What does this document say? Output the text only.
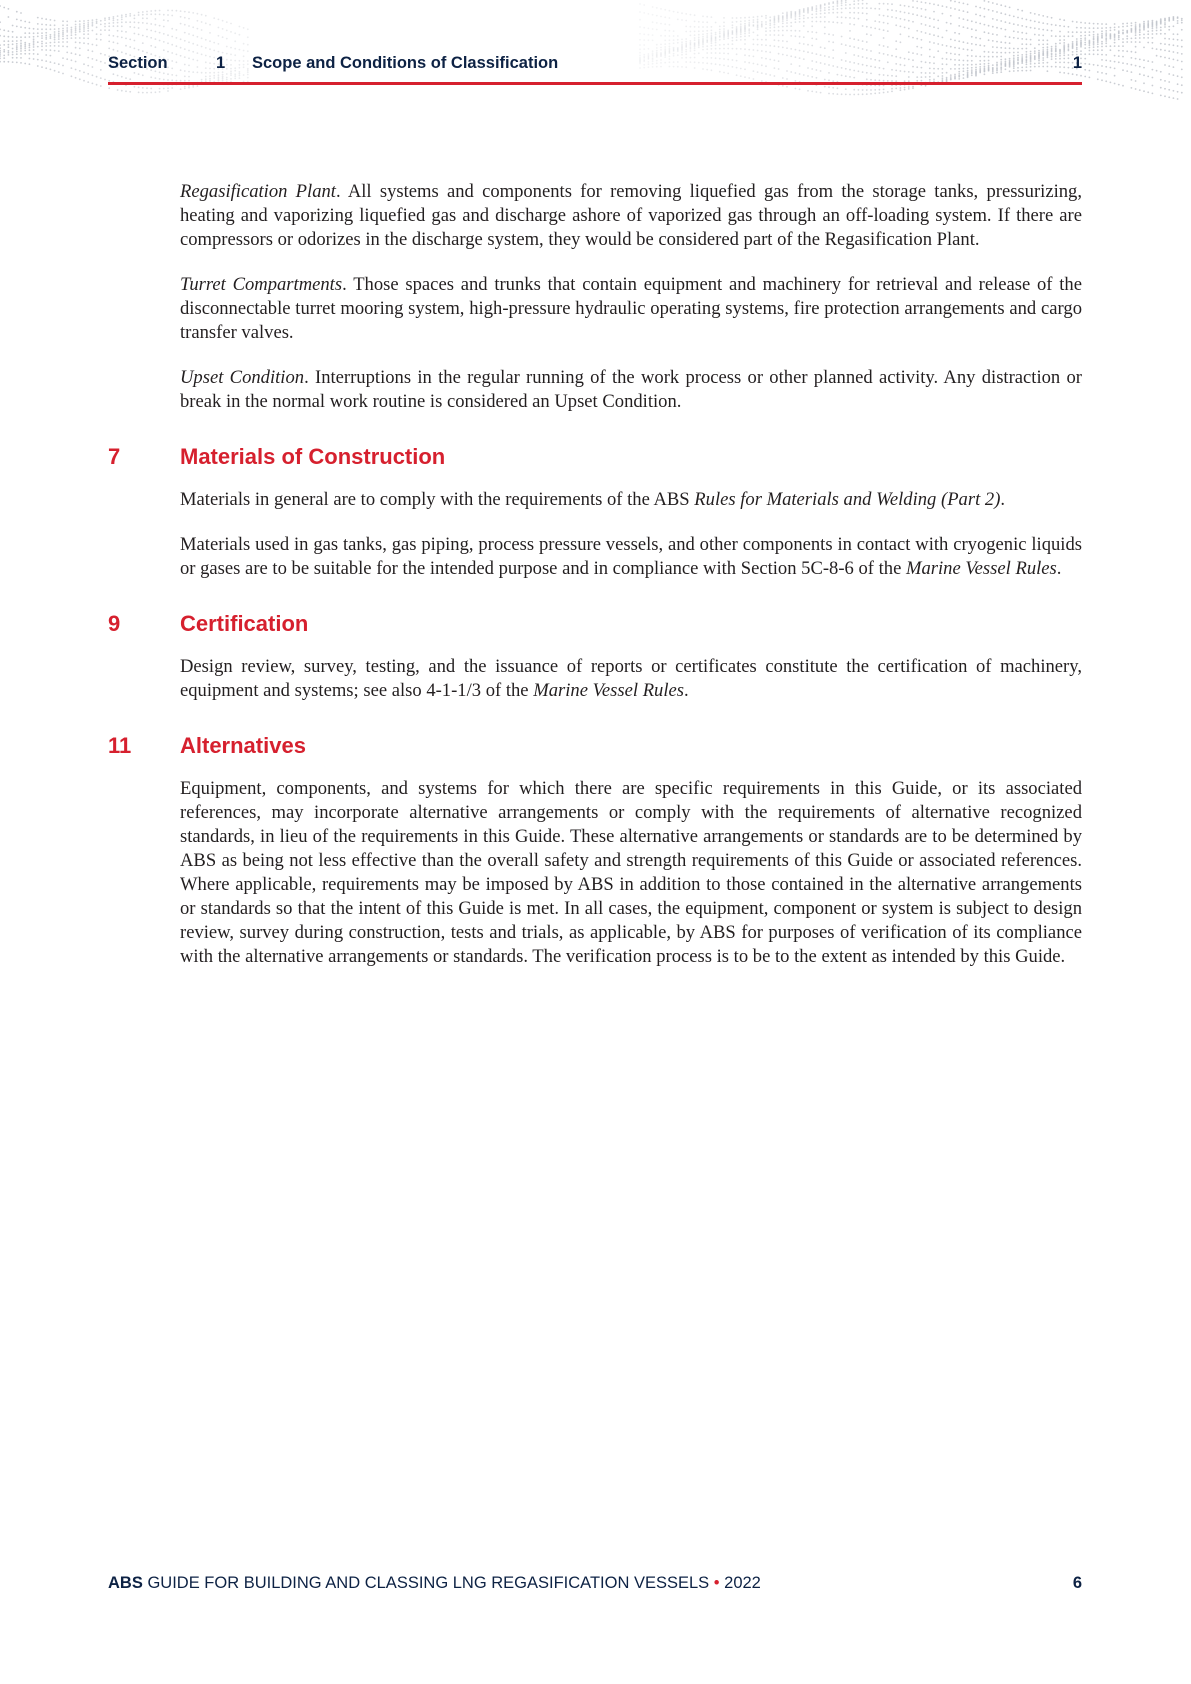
Section	1 Scope and Conditions of Classification	1

Regasification Plant. All systems and components for removing liquefied gas from the storage tanks, pressurizing, heating and vaporizing liquefied gas and discharge ashore of vaporized gas through an off-loading system. If there are compressors or odorizes in the discharge system, they would be considered part of the Regasification Plant.

Turret Compartments. Those spaces and trunks that contain equipment and machinery for retrieval and release of the disconnectable turret mooring system, high-pressure hydraulic operating systems, fire protection arrangements and cargo transfer valves.

Upset Condition. Interruptions in the regular running of the work process or other planned activity. Any distraction or break in the normal work routine is considered an Upset Condition.

7	Materials of Construction

Materials in general are to comply with the requirements of the ABS Rules for Materials and Welding (Part 2).

Materials used in gas tanks, gas piping, process pressure vessels, and other components in contact with cryogenic liquids or gases are to be suitable for the intended purpose and in compliance with Section 5C-8-6 of the Marine Vessel Rules.

9	Certification

Design review, survey, testing, and the issuance of reports or certificates constitute the certification of machinery, equipment and systems; see also 4-1-1/3 of the Marine Vessel Rules.

11 Alternatives

Equipment, components, and systems for which there are specific requirements in this Guide, or its associated references, may incorporate alternative arrangements or comply with the requirements of alternative recognized standards, in lieu of the requirements in this Guide. These alternative arrangements or standards are to be determined by ABS as being not less effective than the overall safety and strength requirements of this Guide or associated references. Where applicable, requirements may be imposed by ABS in addition to those contained in the alternative arrangements or standards so that the intent of this Guide is met. In all cases, the equipment, component or system is subject to design review, survey during construction, tests and trials, as applicable, by ABS for purposes of verification of its compliance with the alternative arrangements or standards. The verification process is to be to the extent as intended by this Guide.

ABS GUIDE FOR BUILDING AND CLASSING LNG REGASIFICATION VESSELS • 2022	6
